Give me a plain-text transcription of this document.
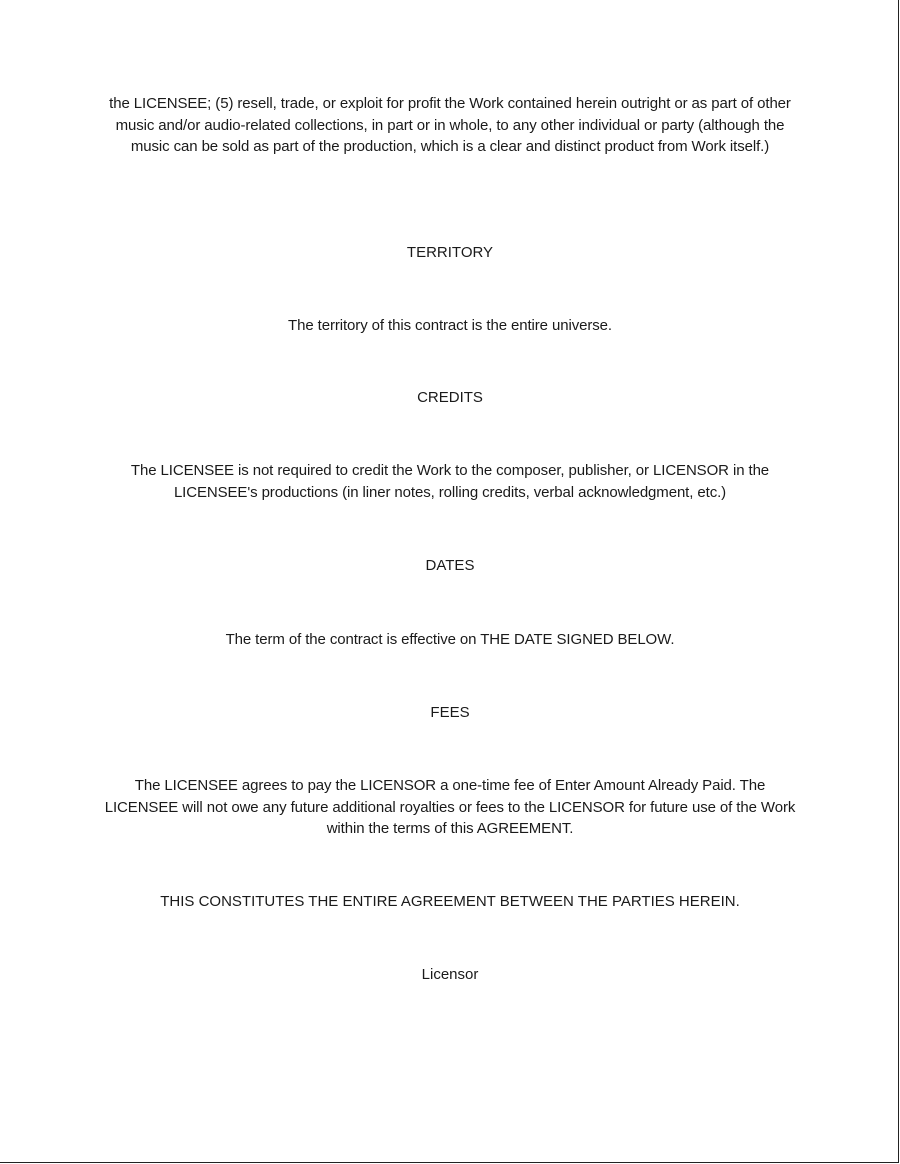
the LICENSEE; (5) resell, trade, or exploit for profit the Work contained herein outright or as part of other music and/or audio-related collections, in part or in whole, to any other individual or party (although the music can be sold as part of the production, which is a clear and distinct product from Work itself.)

TERRITORY

The territory of this contract is the entire universe.

CREDITS

The LICENSEE is not required to credit the Work to the composer, publisher, or LICENSOR in the LICENSEE's productions (in liner notes, rolling credits, verbal acknowledgment, etc.)

DATES

The term of the contract is effective on THE DATE SIGNED BELOW.

FEES

The LICENSEE agrees to pay the LICENSOR a one-time fee of Enter Amount Already Paid. The LICENSEE will not owe any future additional royalties or fees to the LICENSOR for future use of the Work within the terms of this AGREEMENT.

THIS CONSTITUTES THE ENTIRE AGREEMENT BETWEEN THE PARTIES HEREIN.
Licensor
